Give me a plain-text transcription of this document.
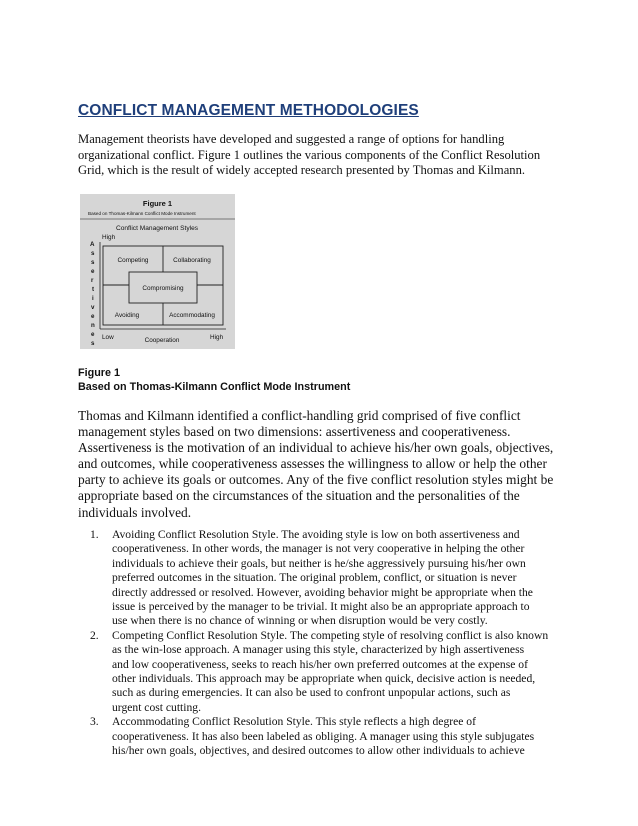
CONFLICT MANAGEMENT METHODOLOGIES
Management theorists have developed and suggested a range of options for handling
organizational conflict. Figure 1 outlines the various components of the Conflict Resolution
Grid, which is the result of widely accepted research presented by Thomas and Kilmann.
Figure 1
Based on Thomas-Kilmann Conflict Mode Instrument
Conflict Management Styles
High
A
s
s
e
r
t
i
v
e
n
e
s
Competing	Collaborating
Compromising
Avoiding	Accommodating
Low	Cooperation	High
Figure 1
Based on Thomas-Kilmann Conflict Mode Instrument
Thomas and Kilmann identified a conflict-handling grid comprised of five conflict
management styles based on two dimensions: assertiveness and cooperativeness.
Assertiveness is the motivation of an individual to achieve his/her own goals, objectives,
and outcomes, while cooperativeness assesses the willingness to allow or help the other
party to achieve its goals or outcomes. Any of the five conflict resolution styles might be
appropriate based on the circumstances of the situation and the personalities of the
individuals involved.
1. Avoiding Conflict Resolution Style. The avoiding style is low on both assertiveness and
cooperativeness. In other words, the manager is not very cooperative in helping the other
individuals to achieve their goals, but neither is he/she aggressively pursuing his/her own
preferred outcomes in the situation. The original problem, conflict, or situation is never
directly addressed or resolved. However, avoiding behavior might be appropriate when the
issue is perceived by the manager to be trivial. It might also be an appropriate approach to
use when there is no chance of winning or when disruption would be very costly.
2. Competing Conflict Resolution Style. The competing style of resolving conflict is also known
as the win-lose approach. A manager using this style, characterized by high assertiveness
and low cooperativeness, seeks to reach his/her own preferred outcomes at the expense of
other individuals. This approach may be appropriate when quick, decisive action is needed,
such as during emergencies. It can also be used to confront unpopular actions, such as
urgent cost cutting.
3. Accommodating Conflict Resolution Style. This style reflects a high degree of
cooperativeness. It has also been labeled as obliging. A manager using this style subjugates
his/her own goals, objectives, and desired outcomes to allow other individuals to achieve
